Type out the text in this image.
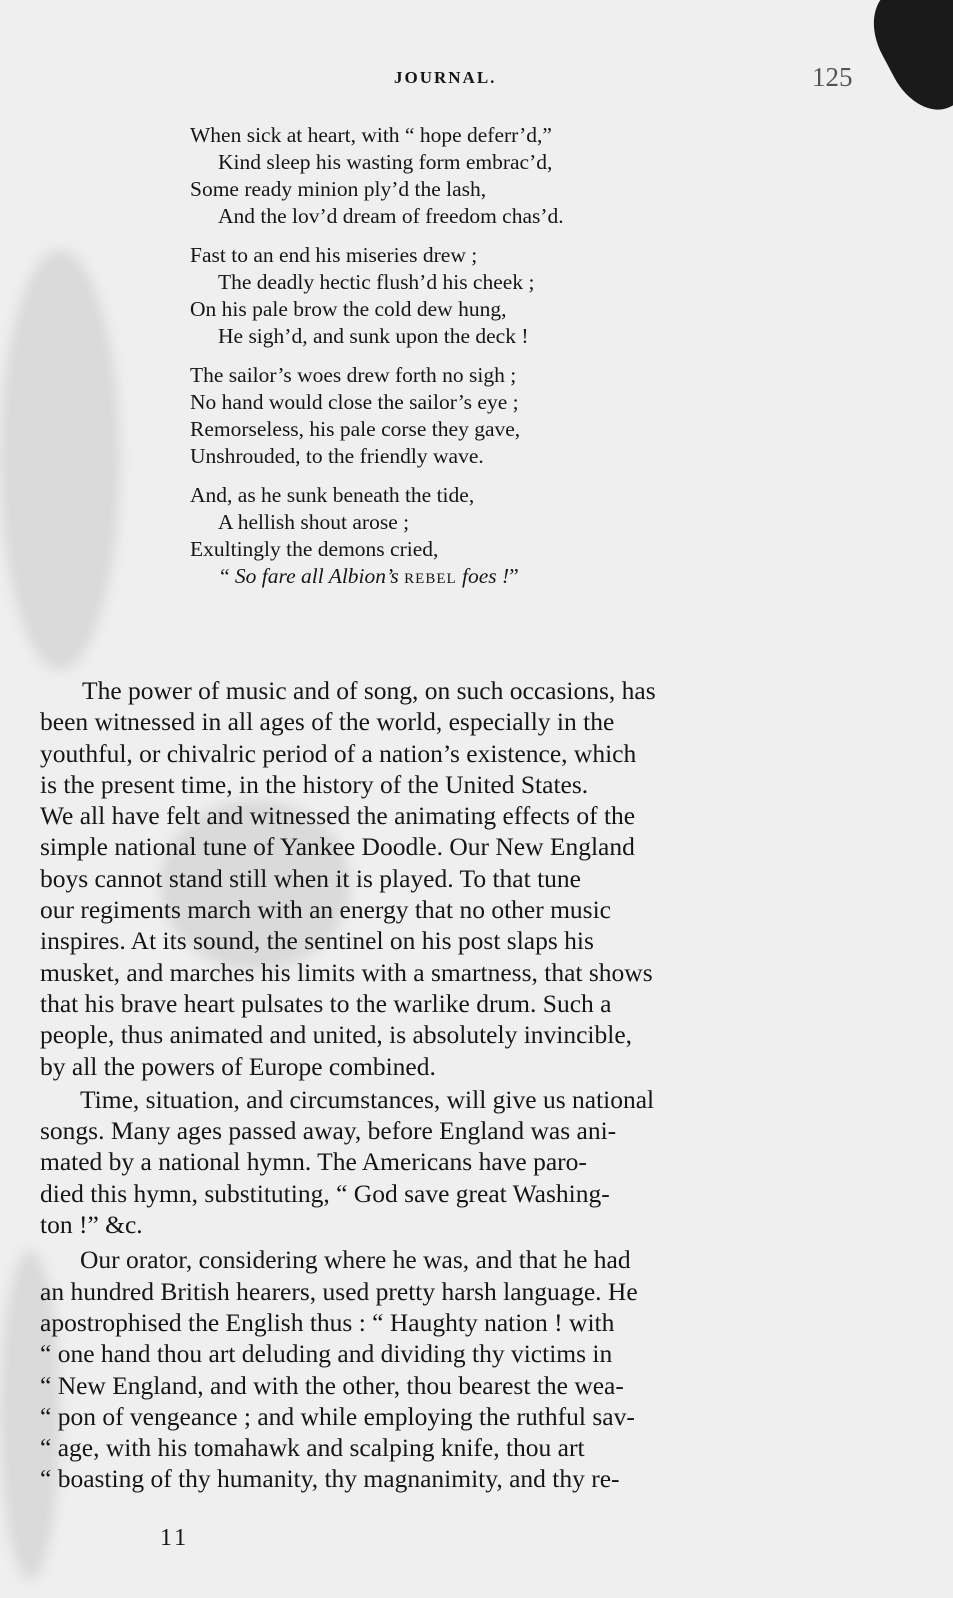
JOURNAL.	125
When sick at heart, with “ hope deferr’d,”
Kind sleep his wasting form embrac’d,
Some ready minion ply’d the lash,
And the lov’d dream of freedom chas’d.
Fast to an end his miseries drew ;
The deadly hectic flush’d his cheek ;
On his pale brow the cold dew hung,
He sigh’d, and sunk upon the deck !
The sailor’s woes drew forth no sigh ;
No hand would close the sailor’s eye ;
Remorseless, his pale corse they gave,
Unshrouded, to the friendly wave.
And, as he sunk beneath the tide,
A hellish shout arose ;
Exultingly the demons cried,
“ So fare all Albion’s rebel foes !”
The power of music and of song, on such occasions, has
been witnessed in all ages of the world, especially in the
youthful, or chivalric period of a nation’s existence, which
is the present time, in the history of the United States.
We all have felt and witnessed the animating effects of the
simple national tune of Yankee Doodle. Our New England
boys cannot stand still when it is played. To that tune
our regiments march with an energy that no other music
inspires. At its sound, the sentinel on his post slaps his
musket, and marches his limits with a smartness, that shows
that his brave heart pulsates to the warlike drum. Such a
people, thus animated and united, is absolutely invincible,
by all the powers of Europe combined.
Time, situation, and circumstances, will give us national
songs. Many ages passed away, before England was ani-
mated by a national hymn. The Americans have paro-
died this hymn, substituting, “ God save great Washing-
ton !” &c.
Our orator, considering where he was, and that he had
an hundred British hearers, used pretty harsh language. He
apostrophised the English thus : “ Haughty nation ! with
“ one hand thou art deluding and dividing thy victims in
“ New England, and with the other, thou bearest the wea-
“ pon of vengeance ; and while employing the ruthful sav-
“ age, with his tomahawk and scalping knife, thou art
“ boasting of thy humanity, thy magnanimity, and thy re-
11
